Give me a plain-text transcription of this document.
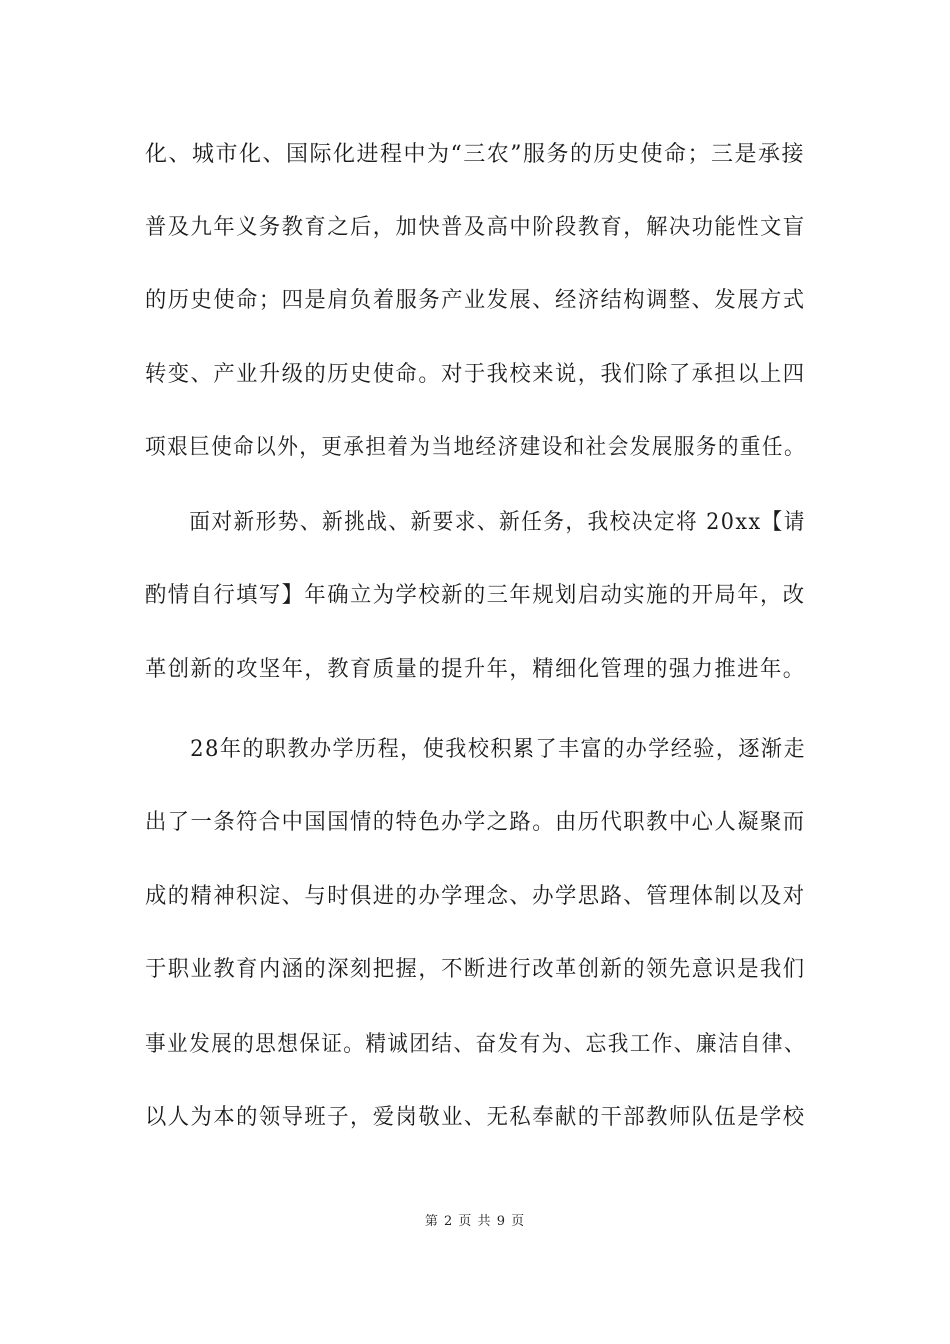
化、城市化、国际化进程中为“三农”服务的历史使命；三是承接
普及九年义务教育之后，加快普及高中阶段教育，解决功能性文盲
的历史使命；四是肩负着服务产业发展、经济结构调整、发展方式
转变、产业升级的历史使命。对于我校来说，我们除了承担以上四
项艰巨使命以外，更承担着为当地经济建设和社会发展服务的重任。
　　面对新形势、新挑战、新要求、新任务，我校决定将 20xx【请
酌情自行填写】年确立为学校新的三年规划启动实施的开局年，改
革创新的攻坚年，教育质量的提升年，精细化管理的强力推进年。
　　28年的职教办学历程，使我校积累了丰富的办学经验，逐渐走
出了一条符合中国国情的特色办学之路。由历代职教中心人凝聚而
成的精神积淀、与时俱进的办学理念、办学思路、管理体制以及对
于职业教育内涵的深刻把握，不断进行改革创新的领先意识是我们
事业发展的思想保证。精诚团结、奋发有为、忘我工作、廉洁自律、
以人为本的领导班子，爱岗敬业、无私奉献的干部教师队伍是学校
第 2 页 共 9 页
